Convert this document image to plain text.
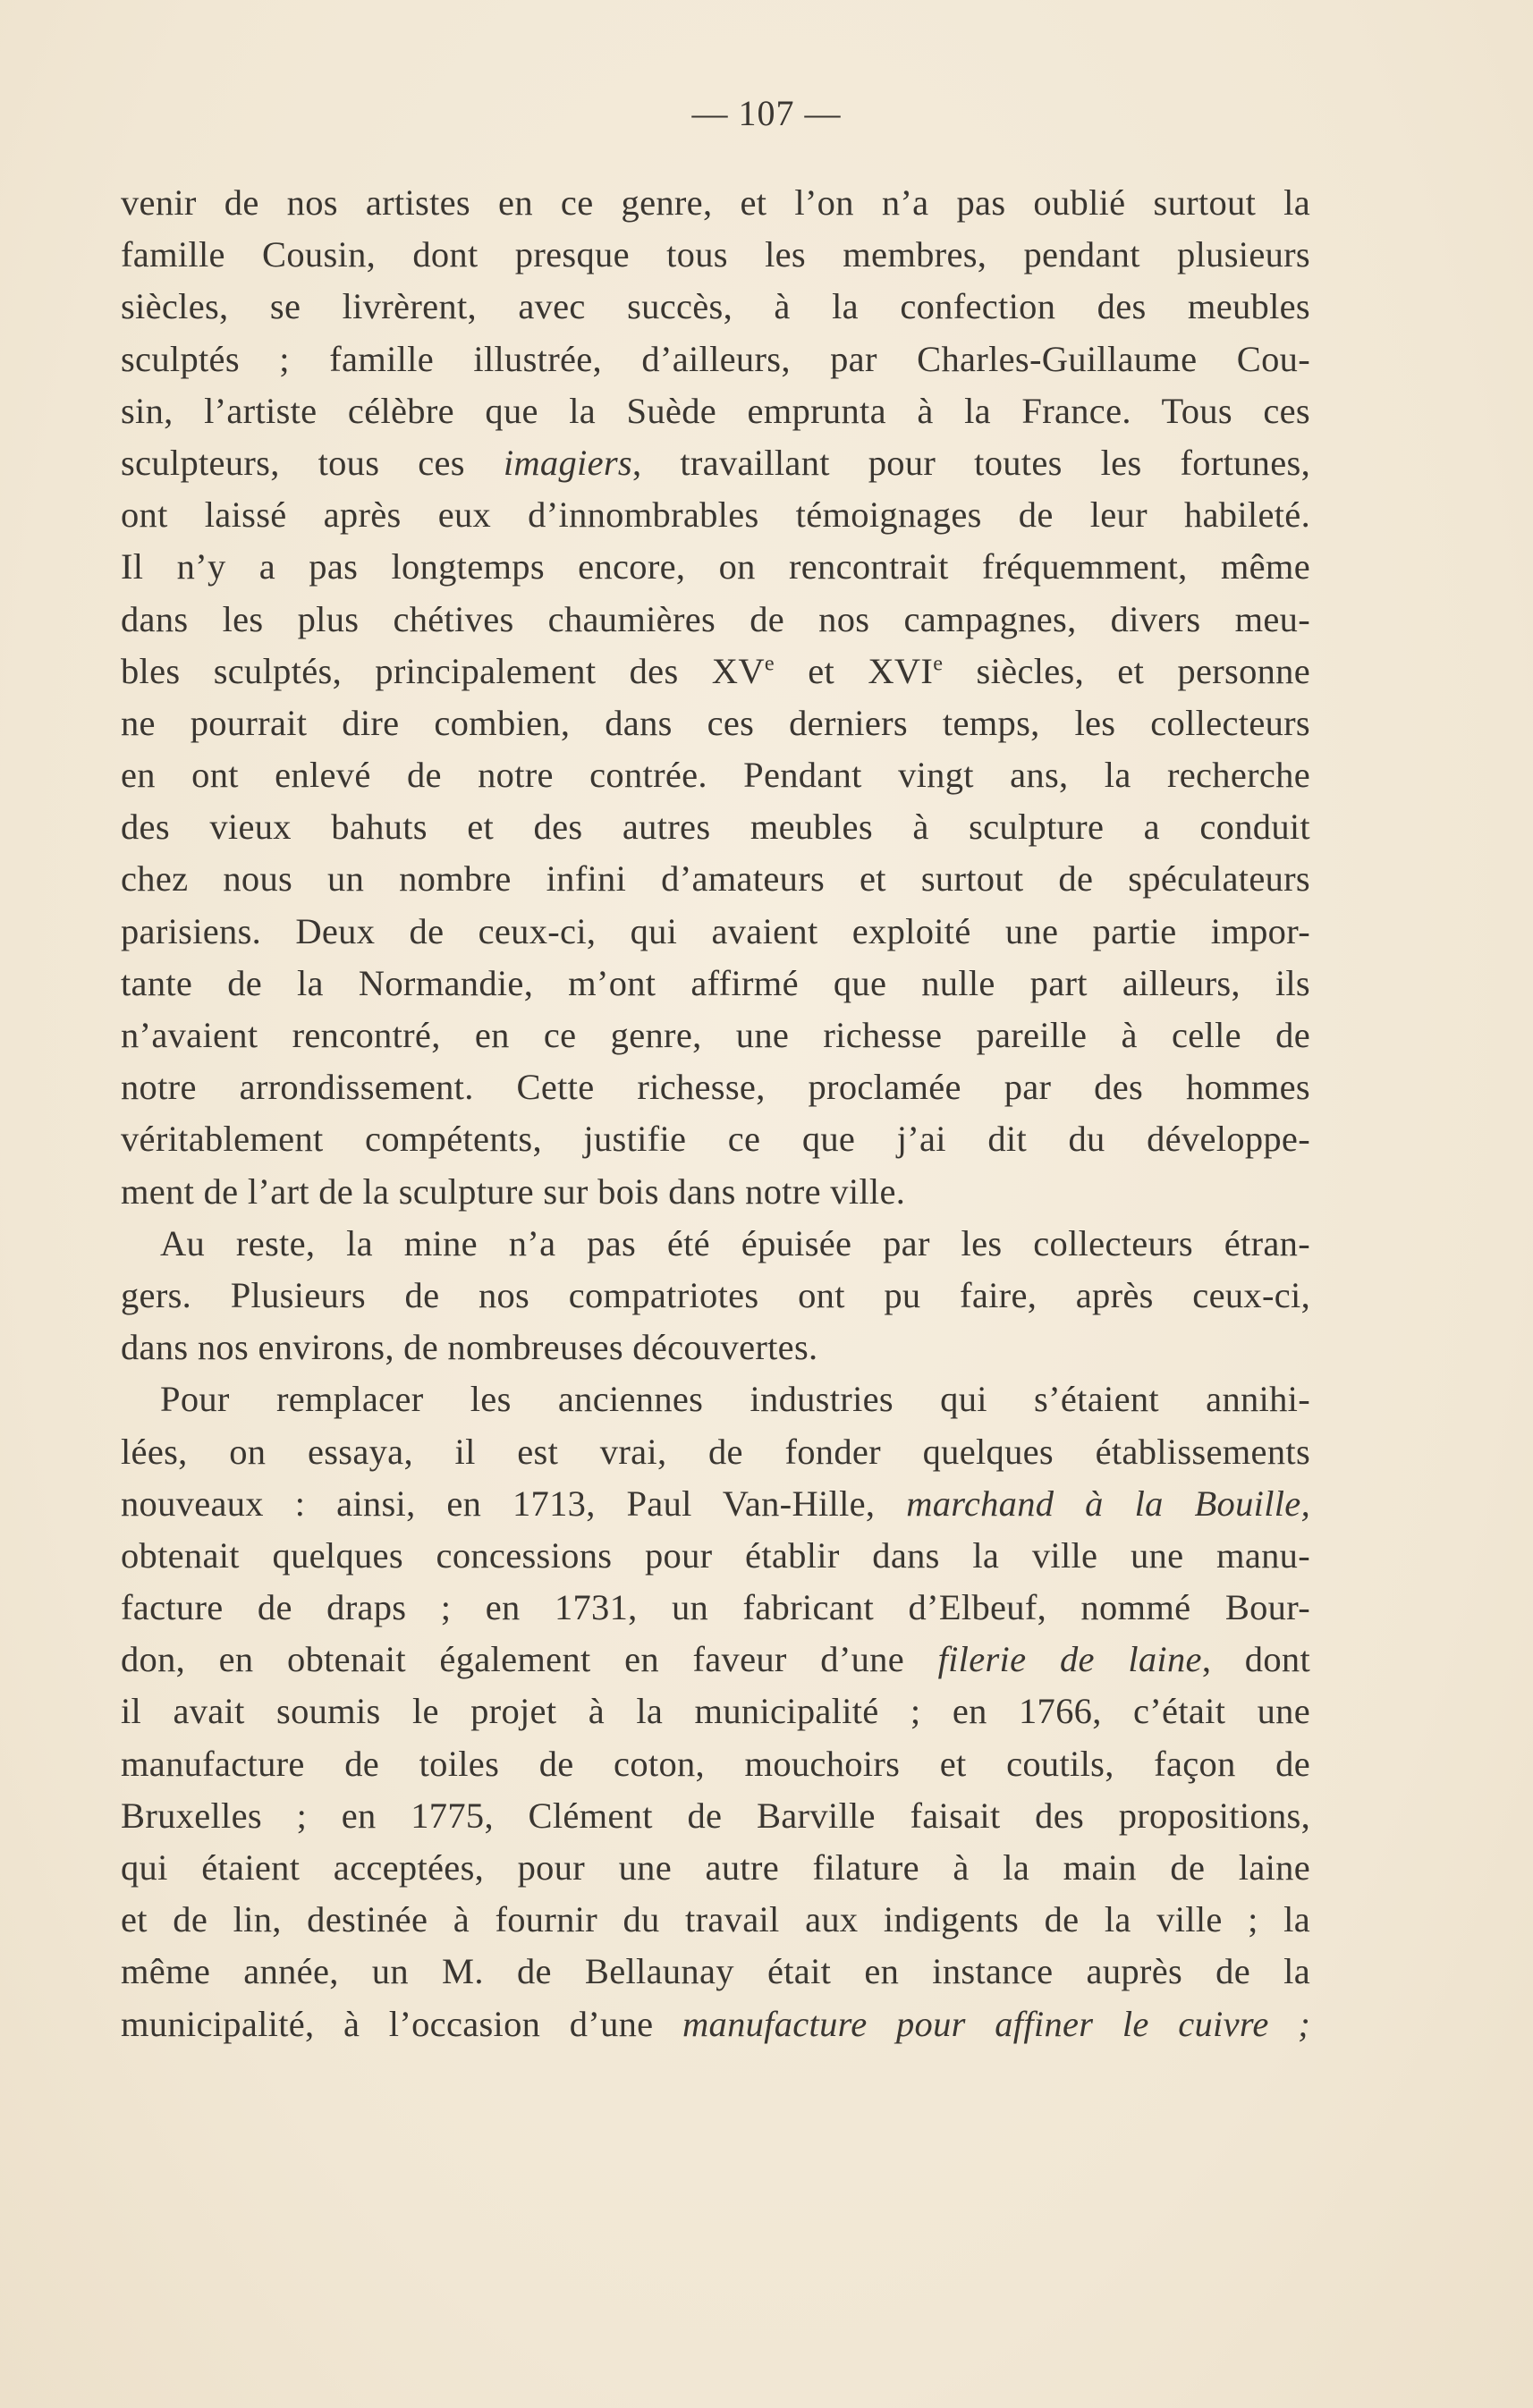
— 107 —
venir de nos artistes en ce genre, et l’on n’a pas oublié surtout la
famille Cousin, dont presque tous les membres, pendant plusieurs
siècles, se livrèrent, avec succès, à la confection des meubles
sculptés ; famille illustrée, d’ailleurs, par Charles-Guillaume Cou-
sin, l’artiste célèbre que la Suède emprunta à la France. Tous ces
sculpteurs, tous ces imagiers, travaillant pour toutes les fortunes,
ont laissé après eux d’innombrables témoignages de leur habileté.
Il n’y a pas longtemps encore, on rencontrait fréquemment, même
dans les plus chétives chaumières de nos campagnes, divers meu-
bles sculptés, principalement des XVe et XVIe siècles, et personne
ne pourrait dire combien, dans ces derniers temps, les collecteurs
en ont enlevé de notre contrée. Pendant vingt ans, la recherche
des vieux bahuts et des autres meubles à sculpture a conduit
chez nous un nombre infini d’amateurs et surtout de spéculateurs
parisiens. Deux de ceux-ci, qui avaient exploité une partie impor-
tante de la Normandie, m’ont affirmé que nulle part ailleurs, ils
n’avaient rencontré, en ce genre, une richesse pareille à celle de
notre arrondissement. Cette richesse, proclamée par des hommes
véritablement compétents, justifie ce que j’ai dit du développe-
ment de l’art de la sculpture sur bois dans notre ville.
Au reste, la mine n’a pas été épuisée par les collecteurs étran-
gers. Plusieurs de nos compatriotes ont pu faire, après ceux-ci,
dans nos environs, de nombreuses découvertes.
Pour remplacer les anciennes industries qui s’étaient annihi-
lées, on essaya, il est vrai, de fonder quelques établissements
nouveaux : ainsi, en 1713, Paul Van-Hille, marchand à la Bouille,
obtenait quelques concessions pour établir dans la ville une manu-
facture de draps ; en 1731, un fabricant d’Elbeuf, nommé Bour-
don, en obtenait également en faveur d’une filerie de laine, dont
il avait soumis le projet à la municipalité ; en 1766, c’était une
manufacture de toiles de coton, mouchoirs et coutils, façon de
Bruxelles ; en 1775, Clément de Barville faisait des propositions,
qui étaient acceptées, pour une autre filature à la main de laine
et de lin, destinée à fournir du travail aux indigents de la ville ; la
même année, un M. de Bellaunay était en instance auprès de la
municipalité, à l’occasion d’une manufacture pour affiner le cuivre ;
